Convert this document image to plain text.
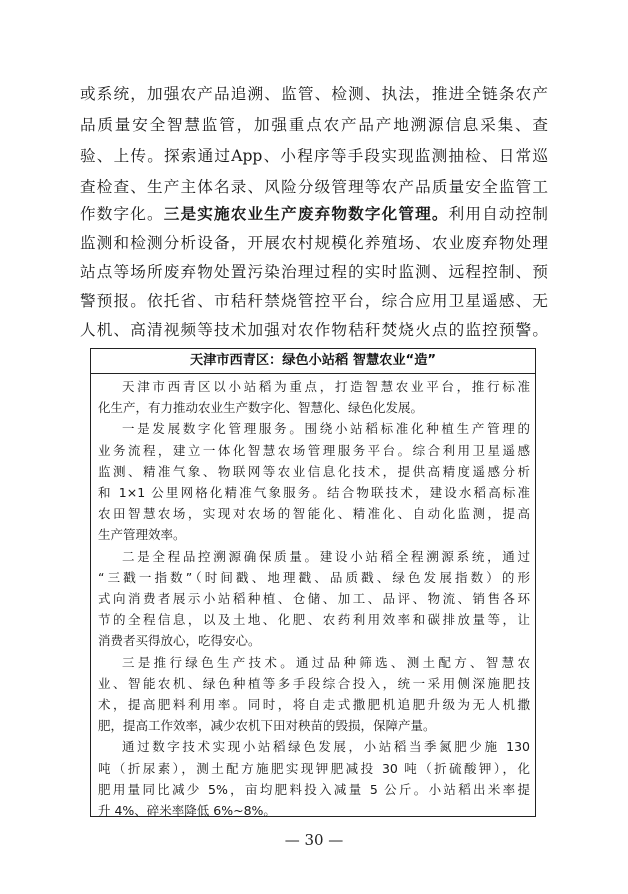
或系统，加强农产品追溯、监管、检测、执法，推进全链条农产
品质量安全智慧监管，加强重点农产品产地溯源信息采集、查
验、上传。探索通过App、小程序等手段实现监测抽检、日常巡
查检查、生产主体名录、风险分级管理等农产品质量安全监管工
作数字化。三是实施农业生产废弃物数字化管理。利用自动控制
监测和检测分析设备，开展农村规模化养殖场、农业废弃物处理
站点等场所废弃物处置污染治理过程的实时监测、远程控制、预
警预报。依托省、市秸秆禁烧管控平台，综合应用卫星遥感、无
人机、高清视频等技术加强对农作物秸秆焚烧火点的监控预警。
天津市西青区：绿色小站稻 智慧农业“造”
天津市西青区以小站稻为重点，打造智慧农业平台，推行标准
化生产，有力推动农业生产数字化、智慧化、绿色化发展。
一是发展数字化管理服务。围绕小站稻标准化种植生产管理的
业务流程，建立一体化智慧农场管理服务平台。综合利用卫星遥感
监测、精准气象、物联网等农业信息化技术，提供高精度遥感分析
和 1×1 公里网格化精准气象服务。结合物联技术，建设水稻高标准
农田智慧农场，实现对农场的智能化、精准化、自动化监测，提高
生产管理效率。
二是全程品控溯源确保质量。建设小站稻全程溯源系统，通过
“三戳一指数”（时间戳、地理戳、品质戳、绿色发展指数）的形
式向消费者展示小站稻种植、仓储、加工、品评、物流、销售各环
节的全程信息，以及土地、化肥、农药利用效率和碳排放量等，让
消费者买得放心，吃得安心。
三是推行绿色生产技术。通过品种筛选、测土配方、智慧农
业、智能农机、绿色种植等多手段综合投入，统一采用侧深施肥技
术，提高肥料利用率。同时，将自走式撒肥机追肥升级为无人机撒
肥，提高工作效率，减少农机下田对秧苗的毁损，保障产量。
通过数字技术实现小站稻绿色发展，小站稻当季氮肥少施 130
吨（折尿素），测土配方施肥实现钾肥减投 30 吨（折硫酸钾），化
肥用量同比减少 5%，亩均肥料投入减量 5 公斤。小站稻出米率提
升 4%、碎米率降低 6%~8%。
— 30 —
